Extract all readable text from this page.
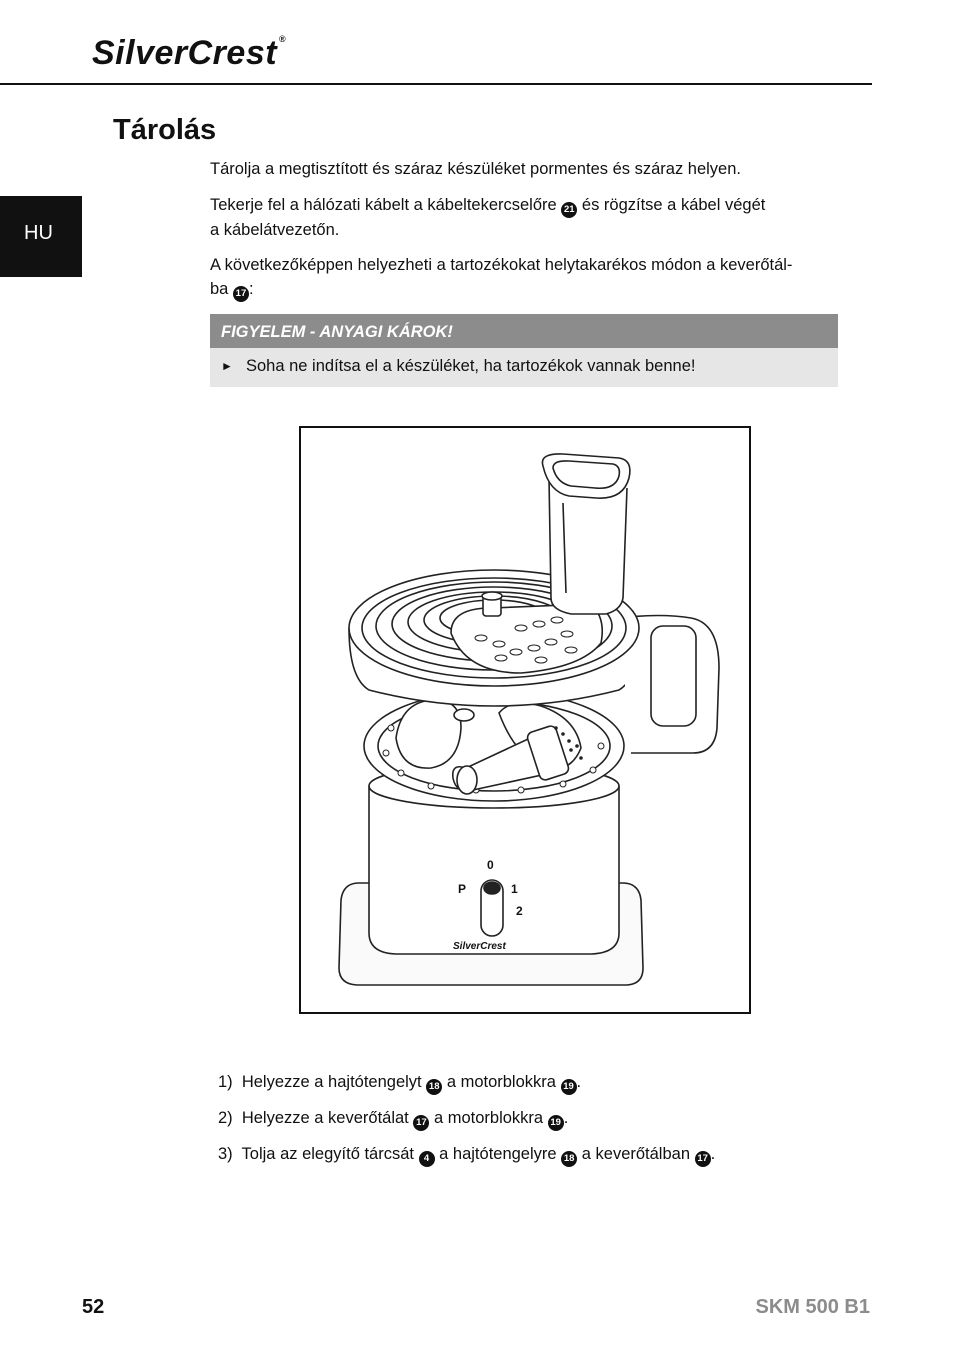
SilverCrest ®
HU
Tárolás

Tárolja a megtisztított és száraz készüléket pormentes és száraz helyen.

Tekerje fel a hálózati kábelt a kábeltekercselőre 21 és rögzítse a kábel végét
a kábelátvezetőn.

A következőképpen helyezheti a tartozékokat helytakarékos módon a keverőtál-
ba 17 :

FIGYELEM - ANYAGI KÁROK!
► Soha ne indítsa el a készüléket, ha tartozékok vannak benne!
0
P	1
2
SilverCrest

1) Helyezze a hajtótengelyt 18 a motorblokkra 19 .

2) Helyezze a keverőtálat 17 a motorblokkra 19 .

3) Tolja az elegyítő tárcsát 4 a hajtótengelyre 18 a keverőtálban 17 .

52	SKM 500 B1
